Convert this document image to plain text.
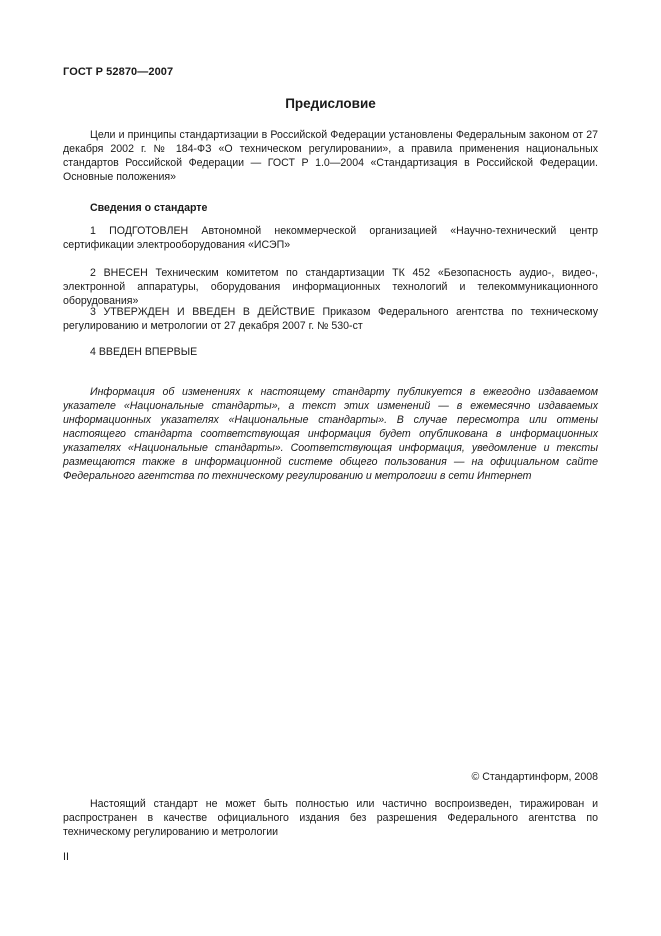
ГОСТ Р 52870—2007
Предисловие

Цели и принципы стандартизации в Российской Федерации установлены Федеральным законом от 27 декабря 2002 г. № 184-ФЗ «О техническом регулировании», а правила применения национальных стандартов Российской Федерации — ГОСТ Р 1.0—2004 «Стандартизация в Российской Федерации. Основные положения»

Сведения о стандарте

1 ПОДГОТОВЛЕН Автономной некоммерческой организацией «Научно-технический центр сертификации электрооборудования «ИСЭП»

2 ВНЕСЕН Техническим комитетом по стандартизации ТК 452 «Безопасность аудио-, видео-, электронной аппаратуры, оборудования информационных технологий и телекоммуникационного оборудования»

3 УТВЕРЖДЕН И ВВЕДЕН В ДЕЙСТВИЕ Приказом Федерального агентства по техническому регулированию и метрологии от 27 декабря 2007 г. № 530-ст

4 ВВЕДЕН ВПЕРВЫЕ

Информация об изменениях к настоящему стандарту публикуется в ежегодно издаваемом указателе «Национальные стандарты», а текст этих изменений — в ежемесячно издаваемых информационных указателях «Национальные стандарты». В случае пересмотра или отмены настоящего стандарта соответствующая информация будет опубликована в информационных указателях «Национальные стандарты». Соответствующая информация, уведомление и тексты размещаются также в информационной системе общего пользования — на официальном сайте Федерального агентства по техническому регулированию и метрологии в сети Интернет

© Стандартинформ, 2008

Настоящий стандарт не может быть полностью или частично воспроизведен, тиражирован и распространен в качестве официального издания без разрешения Федерального агентства по техническому регулированию и метрологии

II
